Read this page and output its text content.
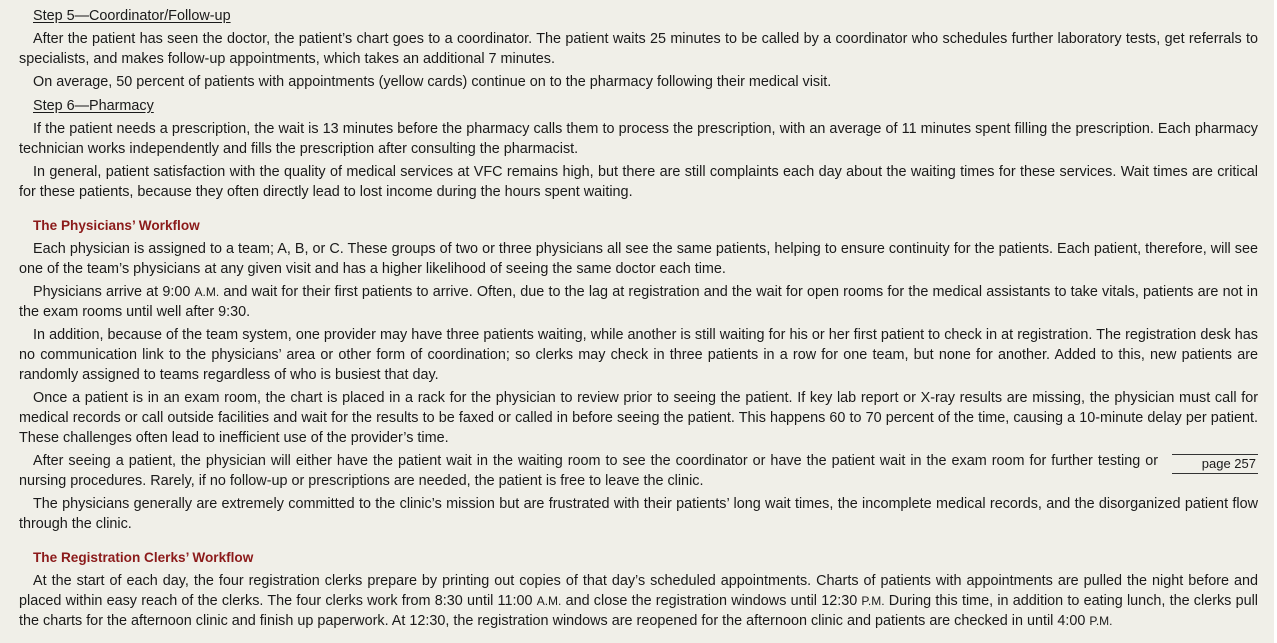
Step 5—Coordinator/Follow-up

After the patient has seen the doctor, the patient’s chart goes to a coordinator. The patient waits 25 minutes to be called by a coordinator who schedules further laboratory tests, get referrals to specialists, and makes follow-up appointments, which takes an additional 7 minutes.

On average, 50 percent of patients with appointments (yellow cards) continue on to the pharmacy following their medical visit.

Step 6—Pharmacy

If the patient needs a prescription, the wait is 13 minutes before the pharmacy calls them to process the prescription, with an average of 11 minutes spent filling the prescription. Each pharmacy technician works independently and fills the prescription after consulting the pharmacist.

In general, patient satisfaction with the quality of medical services at VFC remains high, but there are still complaints each day about the waiting times for these services. Wait times are critical for these patients, because they often directly lead to lost income during the hours spent waiting.

The Physicians’ Workflow

Each physician is assigned to a team; A, B, or C. These groups of two or three physicians all see the same patients, helping to ensure continuity for the patients. Each patient, therefore, will see one of the team’s physicians at any given visit and has a higher likelihood of seeing the same doctor each time.

Physicians arrive at 9:00 A.M. and wait for their first patients to arrive. Often, due to the lag at registration and the wait for open rooms for the medical assistants to take vitals, patients are not in the exam rooms until well after 9:30.

In addition, because of the team system, one provider may have three patients waiting, while another is still waiting for his or her first patient to check in at registration. The registration desk has no communication link to the physicians’ area or other form of coordination; so clerks may check in three patients in a row for one team, but none for another. Added to this, new patients are randomly assigned to teams regardless of who is busiest that day.

Once a patient is in an exam room, the chart is placed in a rack for the physician to review prior to seeing the patient. If key lab report or X-ray results are missing, the physician must call for medical records or call outside facilities and wait for the results to be faxed or called in before seeing the patient. This happens 60 to 70 percent of the time, causing a 10-minute delay per patient. These challenges often lead to inefficient use of the provider’s time.

page 257
After seeing a patient, the physician will either have the patient wait in the waiting room to see the coordinator or have the patient wait in the exam room for further testing or nursing procedures. Rarely, if no follow-up or prescriptions are needed, the patient is free to leave the clinic.

The physicians generally are extremely committed to the clinic’s mission but are frustrated with their patients’ long wait times, the incomplete medical records, and the disorganized patient flow through the clinic.

The Registration Clerks’ Workflow

At the start of each day, the four registration clerks prepare by printing out copies of that day’s scheduled appointments. Charts of patients with appointments are pulled the night before and placed within easy reach of the clerks. The four clerks work from 8:30 until 11:00 A.M. and close the registration windows until 12:30 P.M. During this time, in addition to eating lunch, the clerks pull the charts for the afternoon clinic and finish up paperwork. At 12:30, the registration windows are reopened for the afternoon clinic and patients are checked in until 4:00 P.M.
